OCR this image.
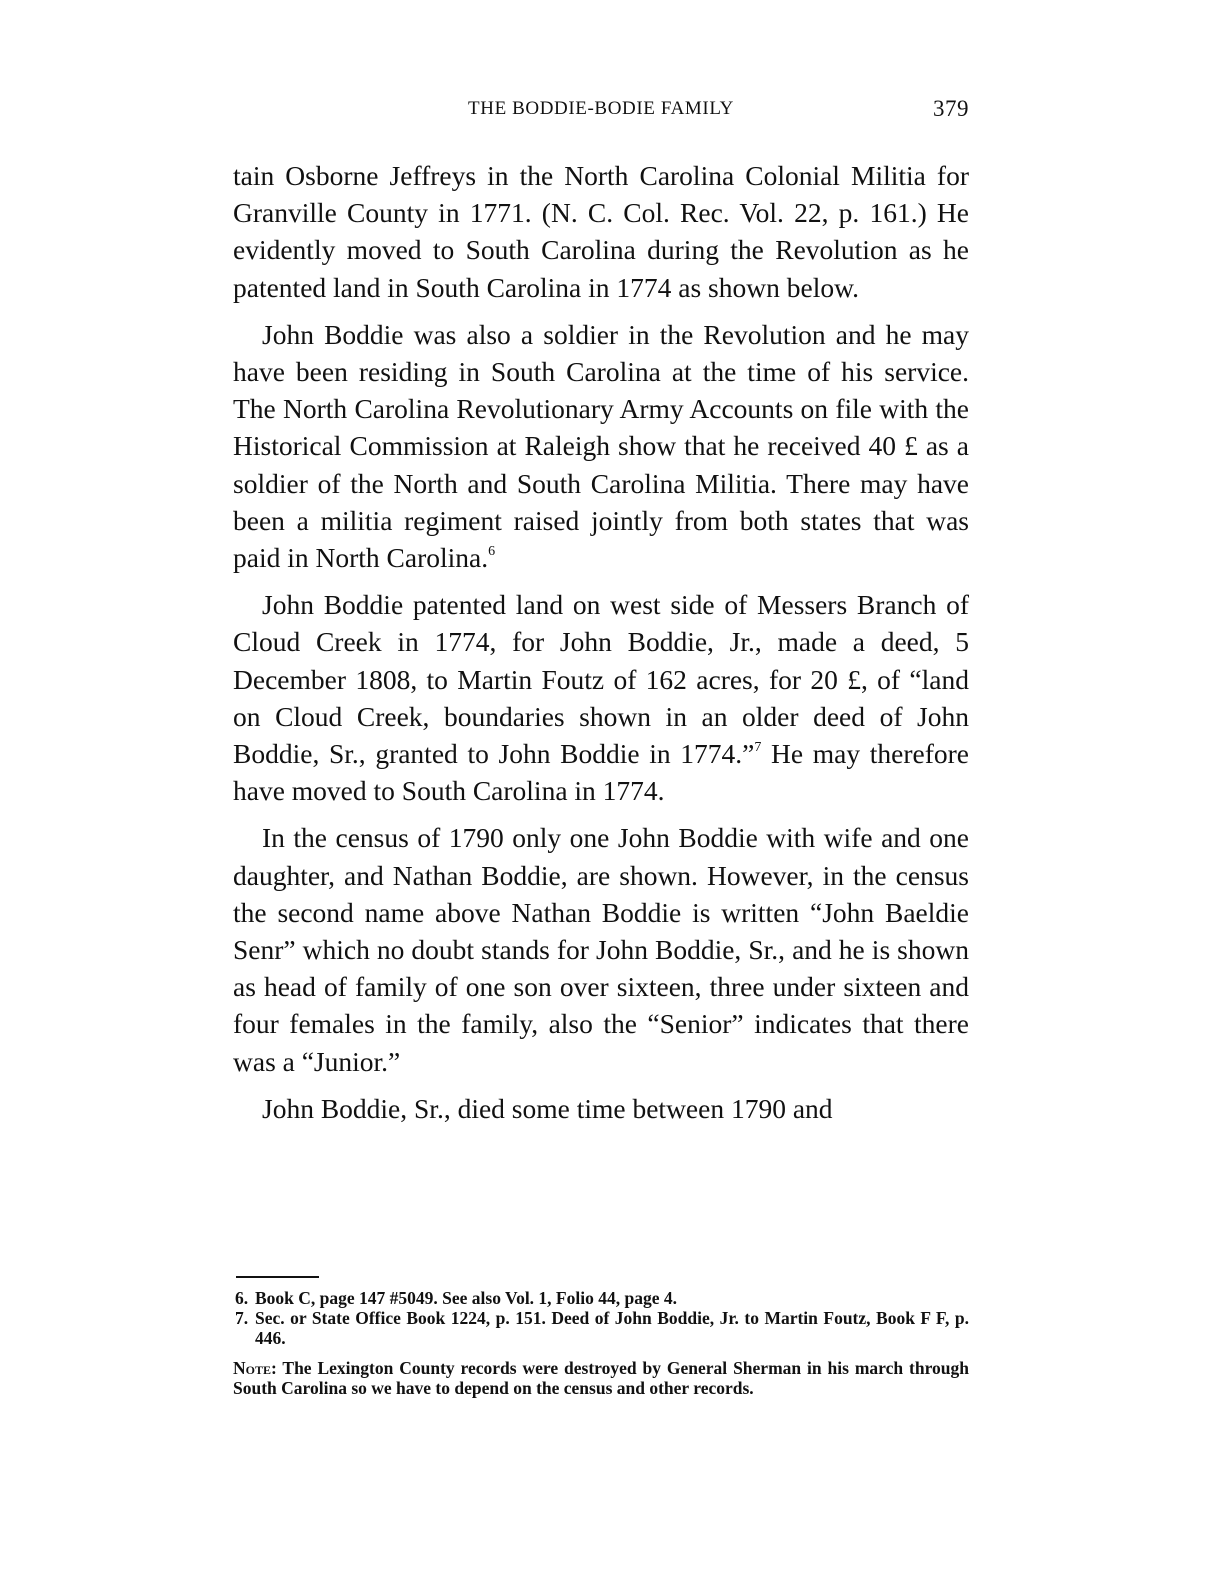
THE BODDIE-BODIE FAMILY	379

tain Osborne Jeffreys in the North Carolina Colonial Militia for Granville County in 1771. (N. C. Col. Rec. Vol. 22, p. 161.) He evidently moved to South Carolina during the Revolution as he patented land in South Carolina in 1774 as shown below.

John Boddie was also a soldier in the Revolution and he may have been residing in South Carolina at the time of his service. The North Carolina Revolutionary Army Accounts on file with the Historical Commission at Raleigh show that he received 40 £ as a soldier of the North and South Carolina Militia. There may have been a militia regiment raised jointly from both states that was paid in North Carolina.$^6$

John Boddie patented land on west side of Messers Branch of Cloud Creek in 1774, for John Boddie, Jr., made a deed, 5 December 1808, to Martin Foutz of 162 acres, for 20 £, of “land on Cloud Creek, boundaries shown in an older deed of John Boddie, Sr., granted to John Boddie in 1774.”$^7$ He may therefore have moved to South Carolina in 1774.

In the census of 1790 only one John Boddie with wife and one daughter, and Nathan Boddie, are shown. However, in the census the second name above Nathan Boddie is written “John Baeldie Senr” which no doubt stands for John Boddie, Sr., and he is shown as head of family of one son over sixteen, three under sixteen and four females in the family, also the “Senior” indicates that there was a “Junior.”

John Boddie, Sr., died some time between 1790 and

6. Book C, page 147 #5049. See also Vol. 1, Folio 44, page 4.
7. Sec. or State Office Book 1224, p. 151. Deed of John Boddie, Jr. to Martin Foutz, Book F F, p. 446.

Note: The Lexington County records were destroyed by General Sherman in his march through South Carolina so we have to depend on the census and other records.
